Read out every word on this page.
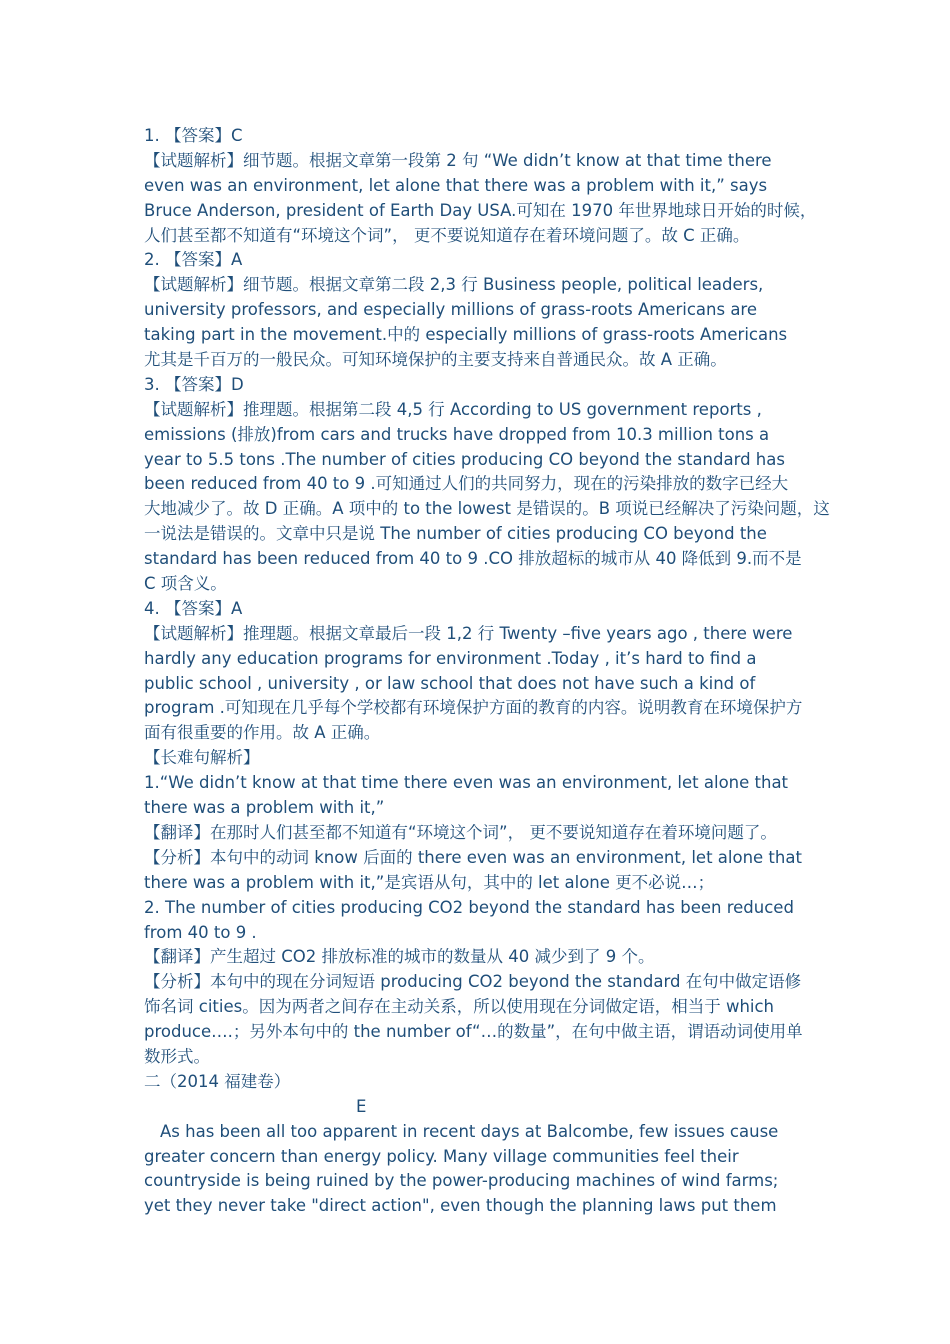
1. 【答案】C
【试题解析】细节题。根据文章第一段第 2 句 “We didn’t know at that time there
even was an environment, let alone that there was a problem with it,” says
Bruce Anderson, president of Earth Day USA.可知在 1970 年世界地球日开始的时候，
人们甚至都不知道有“环境这个词”， 更不要说知道存在着环境问题了。故 C 正确。
2. 【答案】A
【试题解析】细节题。根据文章第二段 2,3 行 Business people, political leaders,
university professors, and especially millions of grass-roots Americans are
taking part in the movement.中的 especially millions of grass-roots Americans
尤其是千百万的一般民众。可知环境保护的主要支持来自普通民众。故 A 正确。
3. 【答案】D
【试题解析】推理题。根据第二段 4,5 行 According to US government reports ,
emissions (排放)from cars and trucks have dropped from 10.3 million tons a
year to 5.5 tons .The number of cities producing CO beyond the standard has
been reduced from 40 to 9 .可知通过人们的共同努力，现在的污染排放的数字已经大
大地减少了。故 D 正确。A 项中的 to the lowest 是错误的。B 项说已经解决了污染问题，这
一说法是错误的。文章中只是说 The number of cities producing CO beyond the
standard has been reduced from 40 to 9 .CO 排放超标的城市从 40 降低到 9.而不是
C 项含义。
4. 【答案】A
【试题解析】推理题。根据文章最后一段 1,2 行 Twenty –five years ago , there were
hardly any education programs for environment .Today , it’s hard to find a
public school , university , or law school that does not have such a kind of
program .可知现在几乎每个学校都有环境保护方面的教育的内容。说明教育在环境保护方
面有很重要的作用。故 A 正确。
【长难句解析】
1.“We didn’t know at that time there even was an environment, let alone that
there was a problem with it,”
【翻译】在那时人们甚至都不知道有“环境这个词”， 更不要说知道存在着环境问题了。
【分析】本句中的动词 know 后面的 there even was an environment, let alone that
there was a problem with it,”是宾语从句，其中的 let alone 更不必说…；
2. The number of cities producing CO2 beyond the standard has been reduced
from 40 to 9 .
【翻译】产生超过 CO2 排放标准的城市的数量从 40 减少到了 9 个。
【分析】本句中的现在分词短语 producing CO2 beyond the standard 在句中做定语修
饰名词 cities。因为两者之间存在主动关系，所以使用现在分词做定语，相当于 which
produce….；另外本句中的 the number of“…的数量”，在句中做主语，谓语动词使用单
数形式。
二（2014 福建卷）
E
As has been all too apparent in recent days at Balcombe, few issues cause
greater concern than energy policy. Many village communities feel their
countryside is being ruined by the power-producing machines of wind farms;
yet they never take "direct action", even though the planning laws put them
